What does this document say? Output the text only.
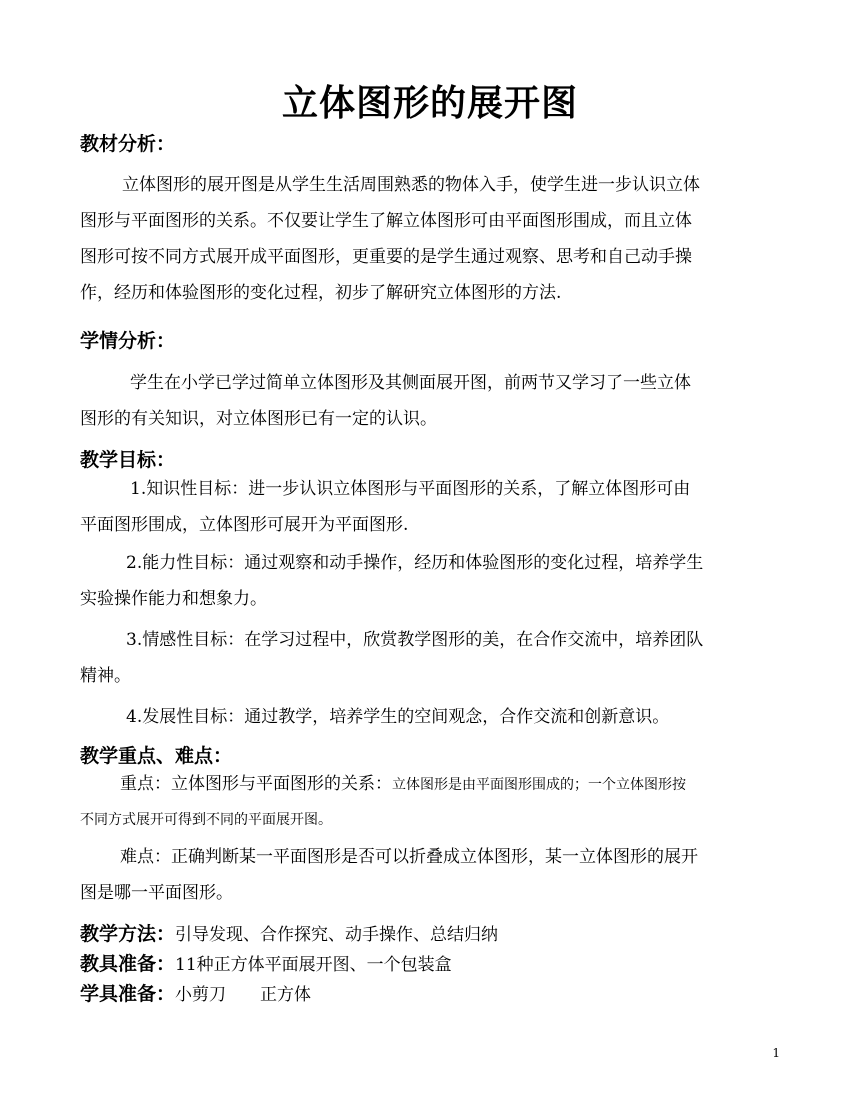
立体图形的展开图
教材分析：
立体图形的展开图是从学生生活周围熟悉的物体入手，使学生进一步认识立体
图形与平面图形的关系。不仅要让学生了解立体图形可由平面图形围成，而且立体
图形可按不同方式展开成平面图形，更重要的是学生通过观察、思考和自己动手操
作，经历和体验图形的变化过程，初步了解研究立体图形的方法.
学情分析：
学生在小学已学过简单立体图形及其侧面展开图，前两节又学习了一些立体
图形的有关知识，对立体图形已有一定的认识。
教学目标：
1.知识性目标：进一步认识立体图形与平面图形的关系，了解立体图形可由
平面图形围成，立体图形可展开为平面图形.
2.能力性目标：通过观察和动手操作，经历和体验图形的变化过程，培养学生
实验操作能力和想象力。
3.情感性目标：在学习过程中，欣赏教学图形的美，在合作交流中，培养团队
精神。
4.发展性目标：通过教学，培养学生的空间观念，合作交流和创新意识。
教学重点、难点：
重点：立体图形与平面图形的关系：立体图形是由平面图形围成的；一个立体图形按
不同方式展开可得到不同的平面展开图。
难点：正确判断某一平面图形是否可以折叠成立体图形，某一立体图形的展开
图是哪一平面图形。
教学方法：引导发现、合作探究、动手操作、总结归纳
教具准备：11种正方体平面展开图、一个包装盒
学具准备：小剪刀　　正方体
1
